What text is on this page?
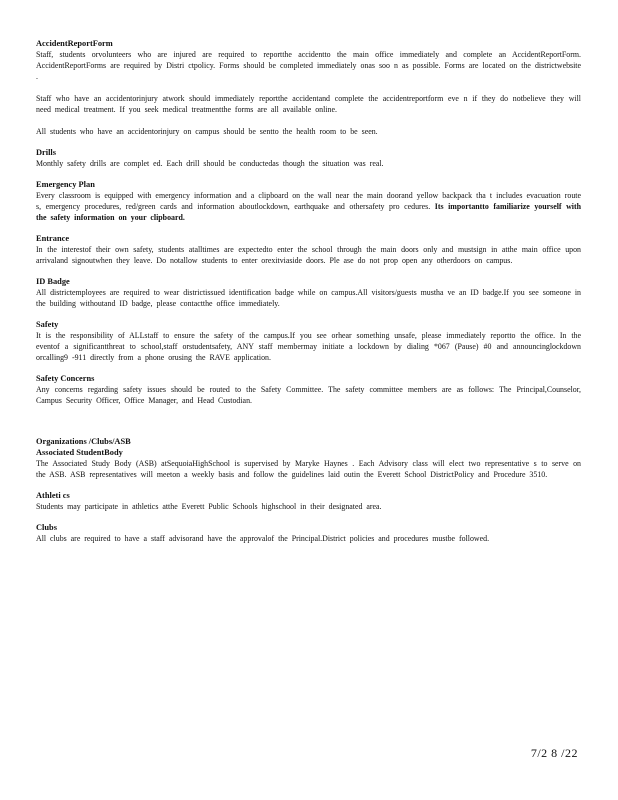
AccidentReportForm

Staff, students orvolunteers who are injured are required to reportthe accidentto the main office immediately and complete an AccidentReportForm. AccidentReportForms are required by Distri ctpolicy. Forms should be completed immediately onas soo n as possible. Forms are located on the districtwebsite .

Staff who have an accidentorinjury atwork should immediately reportthe accidentand complete the accidentreportform eve n if they do notbelieve they will need medical treatment. If you seek medical treatmentthe forms are all available online.

All students who have an accidentorinjury on campus should be sentto the health room to be seen.

Drills

Monthly safety drills are complet ed. Each drill should be conductedas though the situation was real.

Emergency Plan

Every classroom is equipped with emergency information and a clipboard on the wall near the main doorand yellow backpack tha t includes evacuation route s, emergency procedures, red/green cards and information aboutlockdown, earthquake and othersafety pro cedures. Its importantto familiarize yourself with the safety information on your clipboard.

Entrance

In the interestof their own safety, students atalltimes are expectedto enter the school through the main doors only and mustsign in atthe main office upon arrivaland signoutwhen they leave. Do notallow students to enter orexitviaside doors. Ple ase do not prop open any otherdoors on campus.

ID Badge

All districtemployees are required to wear districtissued identification badge while on campus.All visitors/guests mustha ve an ID badge.If you see someone in the building withoutand ID badge, please contactthe office immediately.

Safety

It is the responsibility of ALLstaff to ensure the safety of the campus.If you see orhear something unsafe, please immediately reportto the office. In the eventof a significantthreat to school,staff orstudentsafety, ANY staff membermay initiate a lockdown by dialing *067 (Pause) #0 and announcinglockdown orcalling9 -911 directly from a phone orusing the RAVE application.

Safety Concerns

Any concerns regarding safety issues should be routed to the Safety Committee. The safety committee members are as follows: The Principal,Counselor, Campus Security Officer, Office Manager, and Head Custodian.

Organizations /Clubs/ASB

Associated StudentBody

The Associated Study Body (ASB) atSequoiaHighSchool is supervised by Maryke Haynes . Each Advisory class will elect two representative s to serve on the ASB. ASB representatives will meeton a weekly basis and follow the guidelines laid outin the Everett School DistrictPolicy and Procedure 3510.

Athleti cs

Students may participate in athletics atthe Everett Public Schools highschool in their designated area.

Clubs

All clubs are required to have a staff advisorand have the approvalof the Principal.District policies and procedures mustbe followed.

7/2 8 /22
